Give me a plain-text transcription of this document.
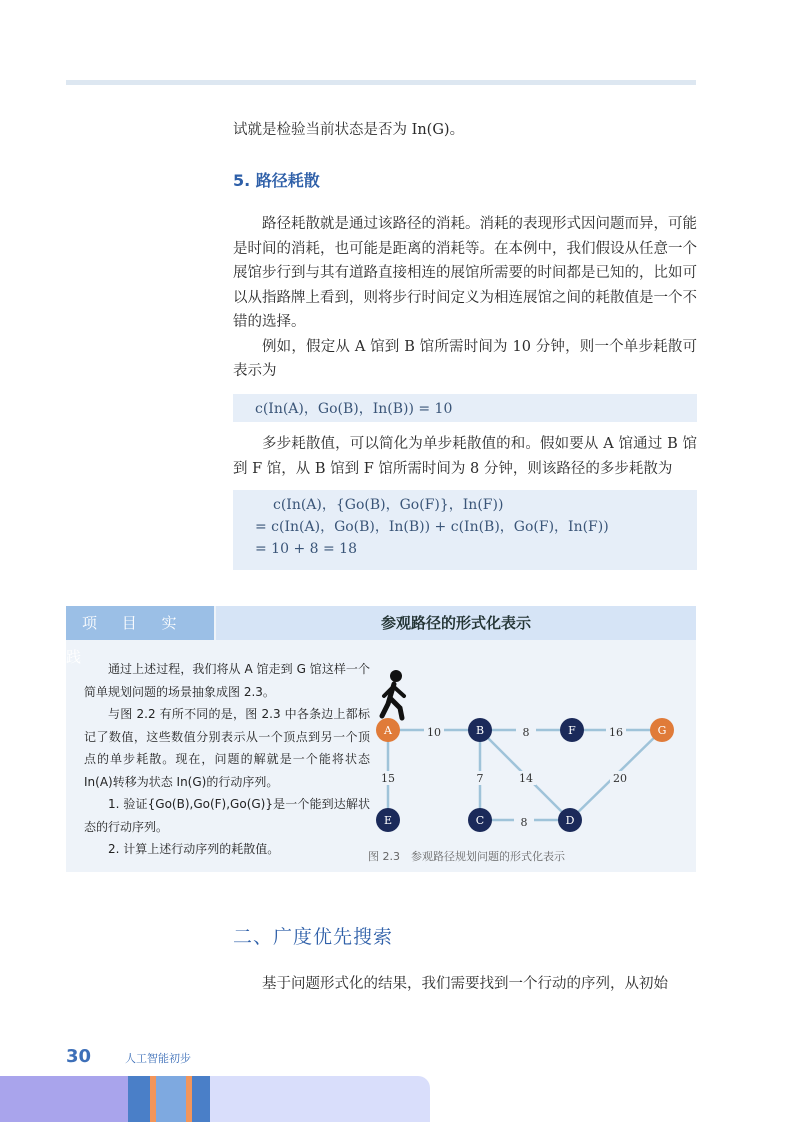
试就是检验当前状态是否为 In(G)。

5. 路径耗散

路径耗散就是通过该路径的消耗。消耗的表现形式因问题而异，可能是时间的消耗，也可能是距离的消耗等。在本例中，我们假设从任意一个展馆步行到与其有道路直接相连的展馆所需要的时间都是已知的，比如可以从指路牌上看到，则将步行时间定义为相连展馆之间的耗散值是一个不错的选择。

例如，假定从 A 馆到 B 馆所需时间为 10 分钟，则一个单步耗散可表示为

c(In(A)，Go(B)，In(B)) = 10

多步耗散值，可以简化为单步耗散值的和。假如要从 A 馆通过 B 馆到 F 馆，从 B 馆到 F 馆所需时间为 8 分钟，则该路径的多步耗散为

c(In(A)，{Go(B)，Go(F)}，In(F))
= c(In(A)，Go(B)，In(B)) + c(In(B)，Go(F)，In(F))
= 10 + 8 = 18
项 目 实 践
参观路径的形式化表示

通过上述过程，我们将从 A 馆走到 G 馆这样一个简单规划问题的场景抽象成图 2.3。

与图 2.2 有所不同的是，图 2.3 中各条边上都标记了数值，这些数值分别表示从一个顶点到另一个顶点的单步耗散。现在，问题的解就是一个能将状态 In(A)转移为状态 In(G)的行动序列。

1. 验证{Go(B),Go(F),Go(G)}是一个能到达解状态的行动序列。

2. 计算上述行动序列的耗散值。

10	8	16
15	7	14	20
8
A	B	F	G
E	C	D
图 2.3　参观路径规划问题的形式化表示
二、广度优先搜索

基于问题形式化的结果，我们需要找到一个行动的序列，从初始

30	人工智能初步
